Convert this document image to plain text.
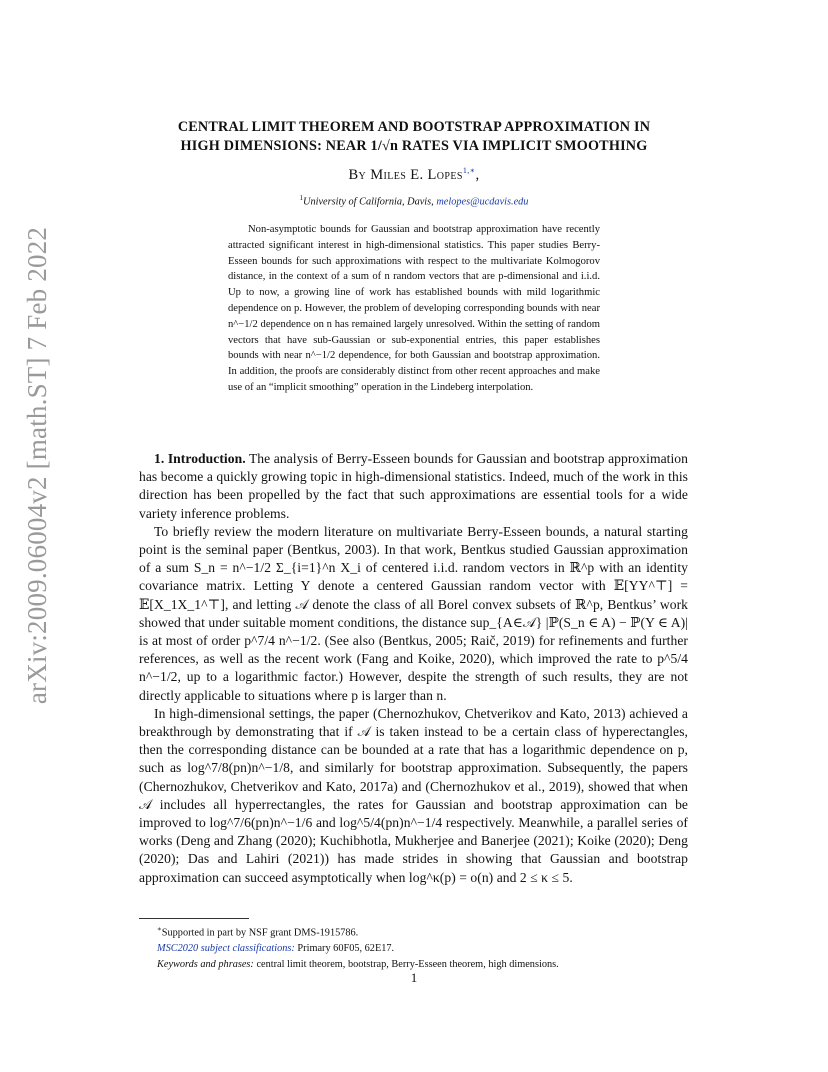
arXiv:2009.06004v2 [math.ST] 7 Feb 2022
CENTRAL LIMIT THEOREM AND BOOTSTRAP APPROXIMATION IN
HIGH DIMENSIONS: NEAR 1/√n RATES VIA IMPLICIT SMOOTHING
By Miles E. Lopes$^{1,∗}$,
$^1$University of California, Davis, melopes@ucdavis.edu
Non-asymptotic bounds for Gaussian and bootstrap approximation have recently attracted significant interest in high-dimensional statistics. This paper studies Berry-Esseen bounds for such approximations with respect to the multivariate Kolmogorov distance, in the context of a sum of n random vectors that are p-dimensional and i.i.d. Up to now, a growing line of work has established bounds with mild logarithmic dependence on p. However, the problem of developing corresponding bounds with near n^−1/2 dependence on n has remained largely unresolved. Within the setting of random vectors that have sub-Gaussian or sub-exponential entries, this paper establishes bounds with near n^−1/2 dependence, for both Gaussian and bootstrap approximation. In addition, the proofs are considerably distinct from other recent approaches and make use of an “implicit smoothing” operation in the Lindeberg interpolation.

1. Introduction. The analysis of Berry-Esseen bounds for Gaussian and bootstrap approximation has become a quickly growing topic in high-dimensional statistics. Indeed, much of the work in this direction has been propelled by the fact that such approximations are essential tools for a wide variety inference problems.

To briefly review the modern literature on multivariate Berry-Esseen bounds, a natural starting point is the seminal paper (Bentkus, 2003). In that work, Bentkus studied Gaussian approximation of a sum S_n = n^−1/2 Σ_{i=1}^n X_i of centered i.i.d. random vectors in ℝ^p with an identity covariance matrix. Letting Y denote a centered Gaussian random vector with 𝔼[YY^⊤] = 𝔼[X_1X_1^⊤], and letting 𝒜 denote the class of all Borel convex subsets of ℝ^p, Bentkus’ work showed that under suitable moment conditions, the distance sup_{A∈𝒜} |ℙ(S_n ∈ A) − ℙ(Y ∈ A)| is at most of order p^7/4 n^−1/2. (See also (Bentkus, 2005; Raič, 2019) for refinements and further references, as well as the recent work (Fang and Koike, 2020), which improved the rate to p^5/4 n^−1/2, up to a logarithmic factor.) However, despite the strength of such results, they are not directly applicable to situations where p is larger than n.

In high-dimensional settings, the paper (Chernozhukov, Chetverikov and Kato, 2013) achieved a breakthrough by demonstrating that if 𝒜 is taken instead to be a certain class of hyperectangles, then the corresponding distance can be bounded at a rate that has a logarithmic dependence on p, such as log^7/8(pn)n^−1/8, and similarly for bootstrap approximation. Subsequently, the papers (Chernozhukov, Chetverikov and Kato, 2017a) and (Chernozhukov et al., 2019), showed that when 𝒜 includes all hyperrectangles, the rates for Gaussian and bootstrap approximation can be improved to log^7/6(pn)n^−1/6 and log^5/4(pn)n^−1/4 respectively. Meanwhile, a parallel series of works (Deng and Zhang (2020); Kuchibhotla, Mukherjee and Banerjee (2021); Koike (2020); Deng (2020); Das and Lahiri (2021)) has made strides in showing that Gaussian and bootstrap approximation can succeed asymptotically when log^κ(p) = o(n) and 2 ≤ κ ≤ 5.

∗Supported in part by NSF grant DMS-1915786.
MSC2020 subject classifications: Primary 60F05, 62E17.
Keywords and phrases: central limit theorem, bootstrap, Berry-Esseen theorem, high dimensions.
1
